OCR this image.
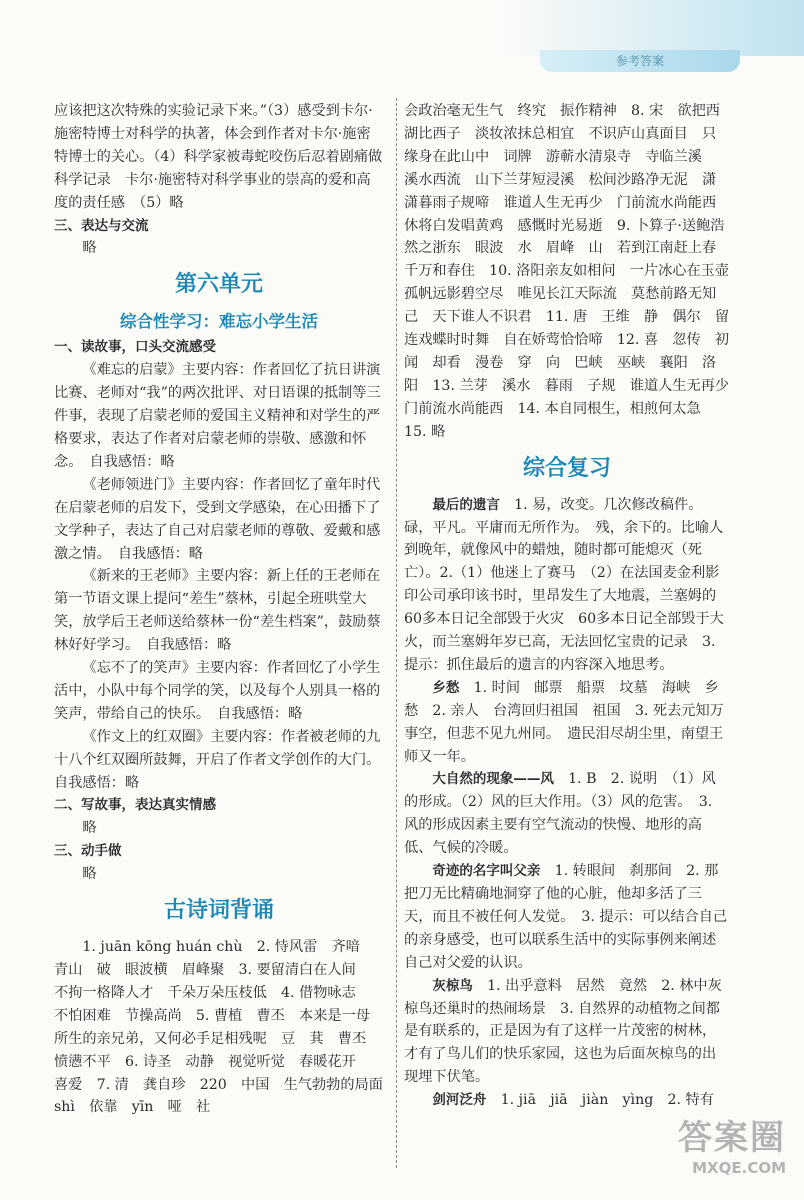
参考答案

应该把这次特殊的实验记录下来。”（3）感受到卡尔·施密特博士对科学的执著，体会到作者对卡尔·施密特博士的关心。（4）科学家被毒蛇咬伤后忍着剧痛做科学记录　卡尔·施密特对科学事业的崇高的爱和高度的责任感　（5）略

三、表达与交流

略

第六单元

综合性学习：难忘小学生活

一、读故事，口头交流感受

《难忘的启蒙》主要内容：作者回忆了抗日讲演比赛、老师对“我”的两次批评、对日语课的抵制等三件事，表现了启蒙老师的爱国主义精神和对学生的严格要求，表达了作者对启蒙老师的崇敬、感激和怀念。　自我感悟：略

《老师领进门》主要内容：作者回忆了童年时代在启蒙老师的启发下，受到文学感染，在心田播下了文学种子，表达了自己对启蒙老师的尊敬、爱戴和感激之情。　自我感悟：略

《新来的王老师》主要内容：新上任的王老师在第一节语文课上提问“差生”蔡林，引起全班哄堂大笑，放学后王老师送给蔡林一份“差生档案”，鼓励蔡林好好学习。　自我感悟：略

《忘不了的笑声》主要内容：作者回忆了小学生活中，小队中每个同学的笑，以及每个人别具一格的笑声，带给自己的快乐。　自我感悟：略

《作文上的红双圈》主要内容：作者被老师的九十八个红双圈所鼓舞，开启了作者文学创作的大门。　自我感悟：略

二、写故事，表达真实情感

略

三、动手做

略

古诗词背诵

1. juān kōng huán chù　2. 恃风雷　齐喑　青山　破　眼波横　眉峰聚　3. 要留清白在人间　不拘一格降人才　千朵万朵压枝低　4. 借物咏志　不怕困难　节操高尚　5. 曹植　曹丕　本来是一母所生的亲兄弟，又何必手足相残呢　豆　萁　曹丕　愤懑不平　6. 诗圣　动静　视觉听觉　春暖花开　喜爱　7. 清　龚自珍　220　中国　生气勃勃的局面　shì　依靠　yīn　哑　社

会政治毫无生气　终究　振作精神　8. 宋　欲把西湖比西子　淡妆浓抹总相宜　不识庐山真面目　只缘身在此山中　词牌　游蕲水清泉寺　寺临兰溪　溪水西流　山下兰芽短浸溪　松间沙路净无泥　潇潇暮雨子规啼　谁道人生无再少　门前流水尚能西　休将白发唱黄鸡　感慨时光易逝　9. 卜算子·送鲍浩然之浙东　眼波　水　眉峰　山　若到江南赶上春　千万和春住　10. 洛阳亲友如相问　一片冰心在玉壶　孤帆远影碧空尽　唯见长江天际流　莫愁前路无知己　天下谁人不识君　11. 唐　王维　静　偶尔　留连戏蝶时时舞　自在娇莺恰恰啼　12. 喜　忽传　初闻　却看　漫卷　穿　向　巴峡　巫峡　襄阳　洛阳　13. 兰芽　溪水　暮雨　子规　谁道人生无再少　门前流水尚能西　14. 本自同根生，相煎何太急　15. 略

综合复习

最后的遗言　 1. 易，改变。几次修改稿件。碌，平凡。平庸而无所作为。　残，余下的。比喻人到晚年，就像风中的蜡烛，随时都可能熄灭（死亡）。2.（1）他迷上了赛马　（2）在法国麦金利影印公司承印该书时，里昂发生了大地震，兰塞姆的60多本日记全部毁于火灾　60多本日记全部毁于大火，而兰塞姆年岁已高，无法回忆宝贵的记录　3. 提示：抓住最后的遗言的内容深入地思考。

乡愁　 1. 时间　邮票　船票　坟墓　海峡　乡愁　2. 亲人　台湾回归祖国　祖国　3. 死去元知万事空，但悲不见九州同。　遗民泪尽胡尘里，南望王师又一年。

大自然的现象——风　 1. B　2. 说明　（1）风的形成。（2）风的巨大作用。（3）风的危害。　3. 风的形成因素主要有空气流动的快慢、地形的高低、气候的冷暖。

奇迹的名字叫父亲　 1. 转眼间　刹那间　2. 那把刀无比精确地洞穿了他的心脏，他却多活了三天，而且不被任何人发觉。　3. 提示：可以结合自己的亲身感受，也可以联系生活中的实际事例来阐述自己对父爱的认识。

灰椋鸟　 1. 出乎意料　居然　竟然　2. 林中灰椋鸟还巢时的热闹场景　3. 自然界的动植物之间都是有联系的，正是因为有了这样一片茂密的树林，才有了鸟儿们的快乐家园，这也为后面灰椋鸟的出现埋下伏笔。

剑河泛舟　 1. jiā　jiā　jiàn　yìng　2. 特有

答案圈
MXQE.COM
